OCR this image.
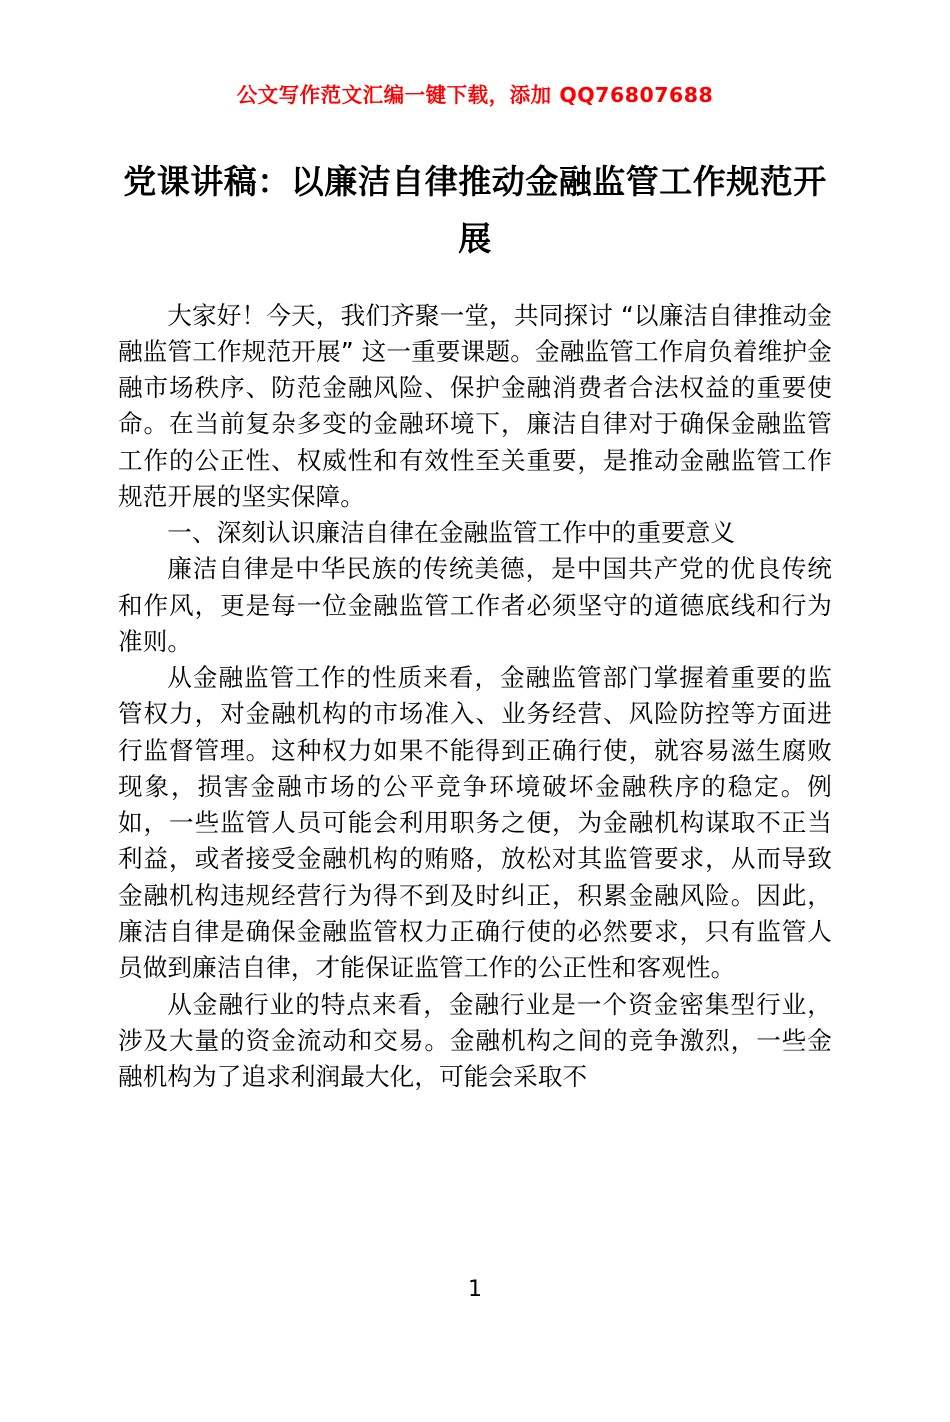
公文写作范文汇编一键下载，添加 QQ76807688
党课讲稿：以廉洁自律推动金融监管工作规范开展

大家好！今天，我们齐聚一堂，共同探讨 “以廉洁自律推动金融监管工作规范开展” 这一重要课题。金融监管工作肩负着维护金融市场秩序、防范金融风险、保护金融消费者合法权益的重要使命。在当前复杂多变的金融环境下，廉洁自律对于确保金融监管工作的公正性、权威性和有效性至关重要，是推动金融监管工作规范开展的坚实保障。

一、深刻认识廉洁自律在金融监管工作中的重要意义

廉洁自律是中华民族的传统美德，是中国共产党的优良传统和作风，更是每一位金融监管工作者必须坚守的道德底线和行为准则。

从金融监管工作的性质来看，金融监管部门掌握着重要的监管权力，对金融机构的市场准入、业务经营、风险防控等方面进行监督管理。这种权力如果不能得到正确行使，就容易滋生腐败现象，损害金融市场的公平竞争环境破坏金融秩序的稳定。例如，一些监管人员可能会利用职务之便，为金融机构谋取不正当利益，或者接受金融机构的贿赂，放松对其监管要求，从而导致金融机构违规经营行为得不到及时纠正，积累金融风险。因此，廉洁自律是确保金融监管权力正确行使的必然要求，只有监管人员做到廉洁自律，才能保证监管工作的公正性和客观性。

从金融行业的特点来看，金融行业是一个资金密集型行业，涉及大量的资金流动和交易。金融机构之间的竞争激烈，一些金融机构为了追求利润最大化，可能会采取不

1
